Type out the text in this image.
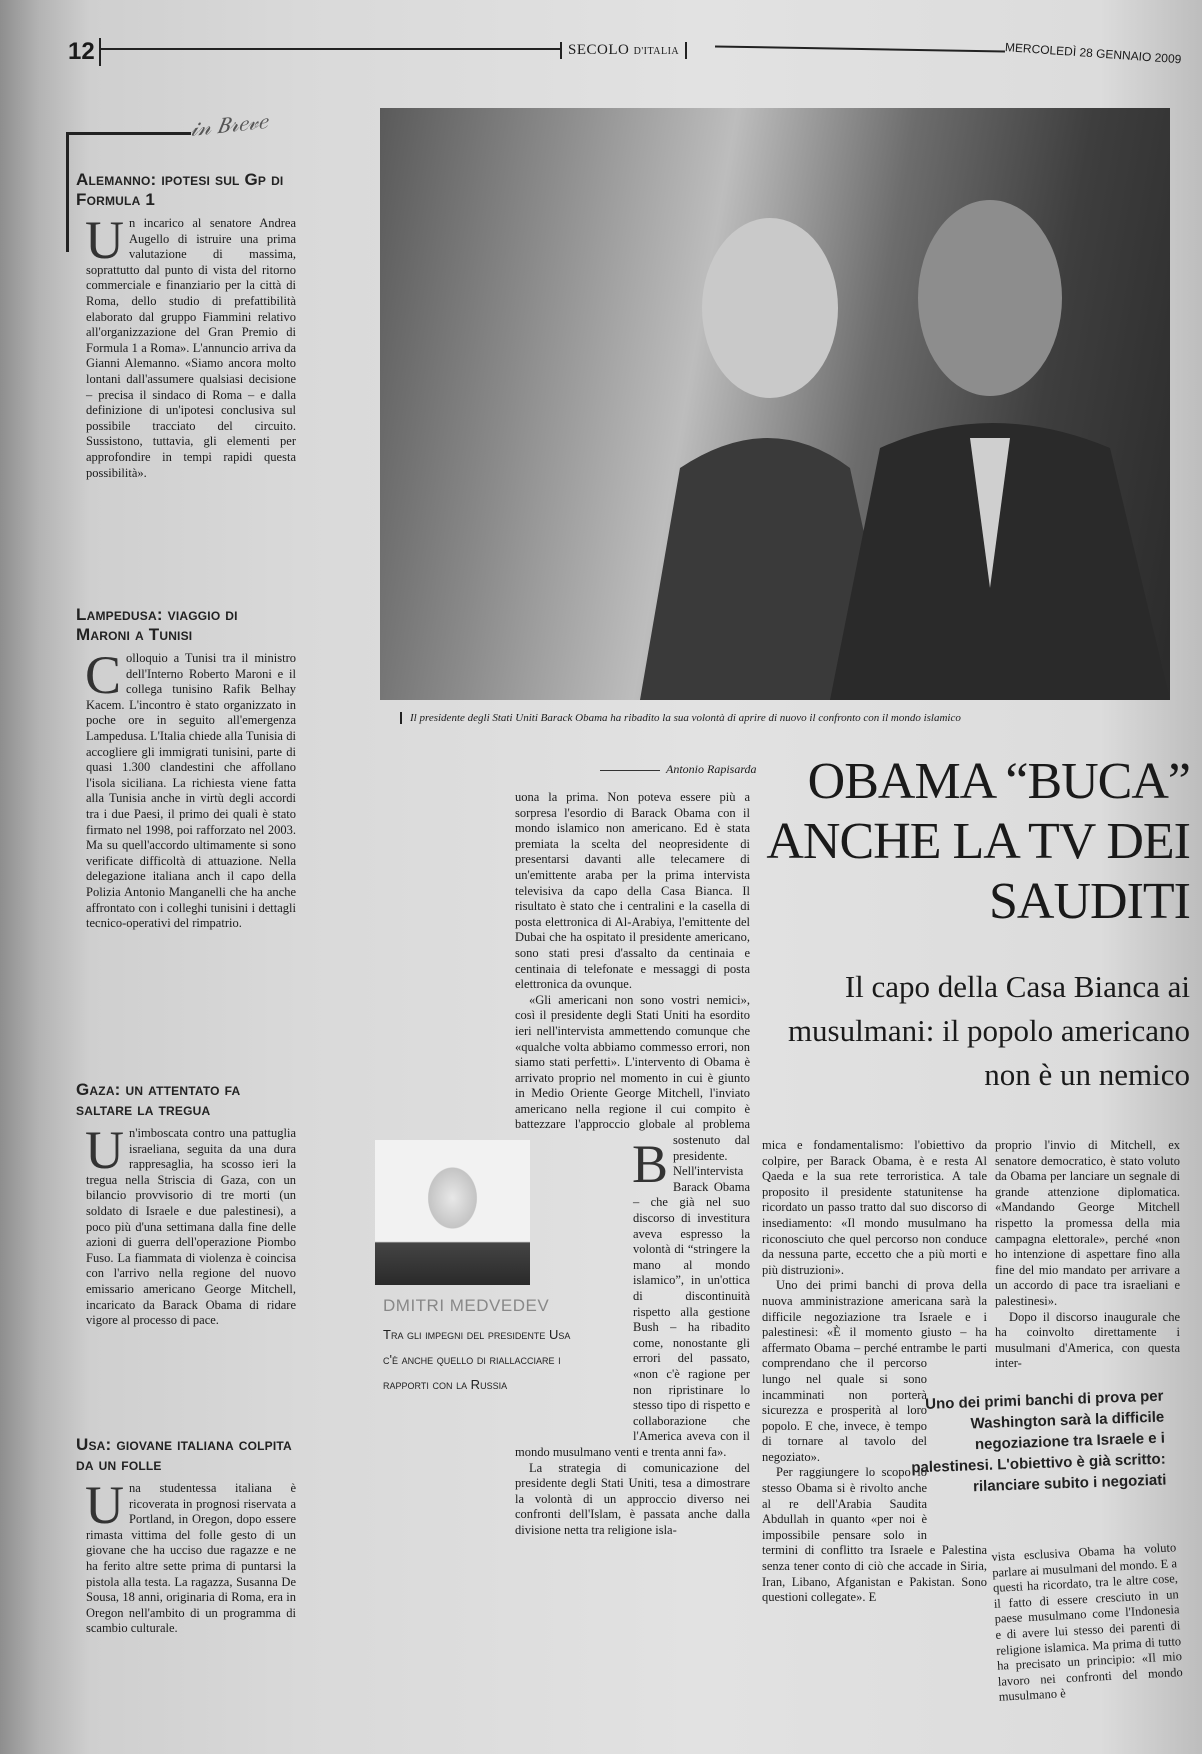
12	SECOLO D'ITALIA	MERCOLEDÌ 28 GENNAIO 2009
𝒾𝓃 𝐵𝓇𝑒𝓋𝑒
Alemanno: ipotesi sul Gp di Formula 1
Un incarico al senatore Andrea Augello di istruire una prima valutazione di massima, soprattutto dal punto di vista del ritorno commerciale e finanziario per la città di Roma, dello studio di prefattibilità elaborato dal gruppo Fiammini relativo all'organizzazione del Gran Premio di Formula 1 a Roma». L'annuncio arriva da Gianni Alemanno. «Siamo ancora molto lontani dall'assumere qualsiasi decisione – precisa il sindaco di Roma – e dalla definizione di un'ipotesi conclusiva sul possibile tracciato del circuito. Sussistono, tuttavia, gli elementi per approfondire in tempi rapidi questa possibilità».
Lampedusa: viaggio di Maroni a Tunisi
Colloquio a Tunisi tra il ministro dell'Interno Roberto Maroni e il collega tunisino Rafik Belhay Kacem. L'incontro è stato organizzato in poche ore in seguito all'emergenza Lampedusa. L'Italia chiede alla Tunisia di accogliere gli immigrati tunisini, parte di quasi 1.300 clandestini che affollano l'isola siciliana. La richiesta viene fatta alla Tunisia anche in virtù degli accordi tra i due Paesi, il primo dei quali è stato firmato nel 1998, poi rafforzato nel 2003. Ma su quell'accordo ultimamente si sono verificate difficoltà di attuazione. Nella delegazione italiana anch il capo della Polizia Antonio Manganelli che ha anche affrontato con i colleghi tunisini i dettagli tecnico-operativi del rimpatrio.
Gaza: un attentato fa saltare la tregua
Un'imboscata contro una pattuglia israeliana, seguita da una dura rappresaglia, ha scosso ieri la tregua nella Striscia di Gaza, con un bilancio provvisorio di tre morti (un soldato di Israele e due palestinesi), a poco più d'una settimana dalla fine delle azioni di guerra dell'operazione Piombo Fuso. La fiammata di violenza è coincisa con l'arrivo nella regione del nuovo emissario americano George Mitchell, incaricato da Barack Obama di ridare vigore al processo di pace.
Usa: giovane italiana colpita da un folle
Una studentessa italiana è ricoverata in prognosi riservata a Portland, in Oregon, dopo essere rimasta vittima del folle gesto di un giovane che ha ucciso due ragazze e ne ha ferito altre sette prima di puntarsi la pistola alla testa. La ragazza, Susanna De Sousa, 18 anni, originaria di Roma, era in Oregon nell'ambito di un programma di scambio culturale.
Il presidente degli Stati Uniti Barack Obama ha ribadito la sua volontà di aprire di nuovo il confronto con il mondo islamico
Antonio Rapisarda OBAMA “BUCA” ANCHE LA TV DEI SAUDITI
Il capo della Casa Bianca ai musulmani: il popolo americano non è un nemico

B
uona la prima. Non poteva essere più a sorpresa l'esordio di Barack Obama con il mondo islamico non americano. Ed è stata premiata la scelta del neopresidente di presentarsi davanti alle telecamere di un'emittente araba per la prima intervista televisiva da capo della Casa Bianca. Il risultato è stato che i centralini e la casella di posta elettronica di Al-Arabiya, l'emittente del Dubai che ha ospitato il presidente americano, sono stati presi d'assalto da centinaia e centinaia di telefonate e messaggi di posta elettronica da ovunque.

«Gli americani non sono vostri nemici», così il presidente degli Stati Uniti ha esordito ieri nell'intervista ammettendo comunque che «qualche volta abbiamo commesso errori, non siamo stati perfetti». L'intervento di Obama è arrivato proprio nel momento in cui è giunto in Medio Oriente George Mitchell, l'inviato americano nella regione il cui compito è battezzare l'approccio globale al problema sostenuto dal presidente. Nell'intervista Barack Obama – che già nel suo discorso di investitura aveva espresso la volontà di “stringere la mano al mondo islamico”, in un'ottica di discontinuità rispetto alla gestione Bush – ha ribadito come, nonostante gli errori del passato, «non c'è ragione per non ripristinare lo stesso tipo di rispetto e collaborazione che l'America aveva con il mondo musulmano venti e trenta anni fa».

La strategia di comunicazione del presidente degli Stati Uniti, tesa a dimostrare la volontà di un approccio diverso nei confronti dell'Islam, è passata anche dalla divisione netta tra religione isla-

DMITRI MEDVEDEV
Tra gli impegni del presidente Usa c'è anche quello di riallacciare i rapporti con la Russia

mica e fondamentalismo: l'obiettivo da colpire, per Barack Obama, è e resta Al Qaeda e la sua rete terroristica. A tale proposito il presidente statunitense ha ricordato un passo tratto dal suo discorso di insediamento: «Il mondo musulmano ha riconosciuto che quel percorso non conduce da nessuna parte, eccetto che a più morti e più distruzioni».

Uno dei primi banchi di prova della nuova amministrazione americana sarà la difficile negoziazione tra Israele e i palestinesi: «È il momento giusto – ha affermato Obama – perché entrambe le parti comprendano che il percorso lungo nel quale si sono incamminati non porterà sicurezza e prosperità al loro popolo. E che, invece, è tempo di tornare al tavolo del negoziato».

Per raggiungere lo scopo lo stesso Obama si è rivolto anche al re dell'Arabia Saudita Abdullah in quanto «per noi è impossibile pensare solo in termini di conflitto tra Israele e Palestina senza tener conto di ciò che accade in Siria, Iran, Libano, Afganistan e Pakistan. Sono questioni collegate». E

proprio l'invio di Mitchell, ex senatore democratico, è stato voluto da Obama per lanciare un segnale di grande attenzione diplomatica. «Mandando George Mitchell rispetto la promessa della mia campagna elettorale», perché «non ho intenzione di aspettare fino alla fine del mio mandato per arrivare a un accordo di pace tra israeliani e palestinesi».

Dopo il discorso inaugurale che ha coinvolto direttamente i musulmani d'America, con questa inter-

Uno dei primi banchi di prova per Washington sarà la difficile negoziazione tra Israele e i palestinesi. L'obiettivo è già scritto: rilanciare subito i negoziati

vista esclusiva Obama ha voluto parlare ai musulmani del mondo. E a questi ha ricordato, tra le altre cose, il fatto di essere cresciuto in un paese musulmano come l'Indonesia e di avere lui stesso dei parenti di religione islamica. Ma prima di tutto ha precisato un principio: «Il mio lavoro nei confronti del mondo musulmano è
